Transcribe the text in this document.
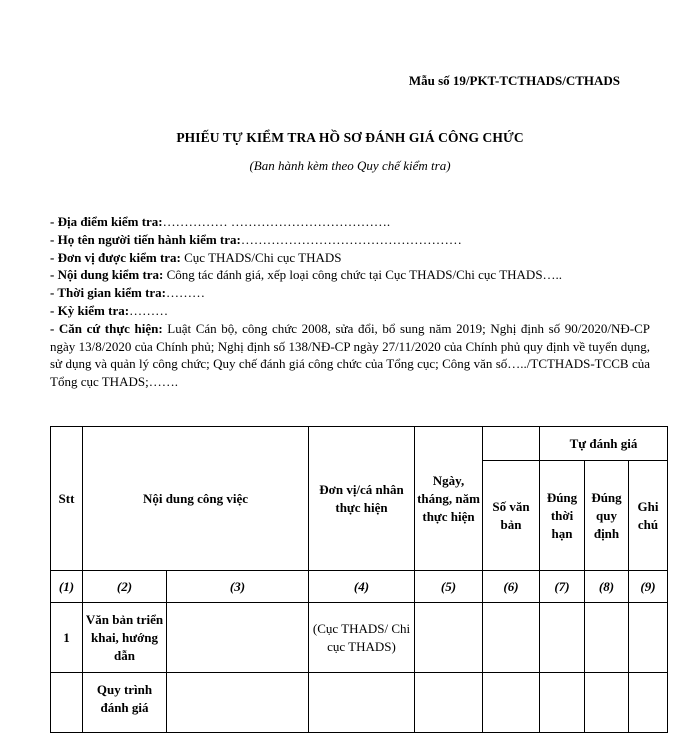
Mẫu số 19/PKT-TCTHADS/CTHADS
PHIẾU TỰ KIỂM TRA HỒ SƠ ĐÁNH GIÁ CÔNG CHỨC
(Ban hành kèm theo Quy chế kiểm tra)

- Địa điểm kiểm tra:…………… ……………………………….

- Họ tên người tiến hành kiểm tra:……………………………………………

- Đơn vị được kiểm tra: Cục THADS/Chi cục THADS

- Nội dung kiểm tra: Công tác đánh giá, xếp loại công chức tại Cục THADS/Chi cục THADS…..

- Thời gian kiểm tra:………

- Kỳ kiểm tra:………

- Căn cứ thực hiện: Luật Cán bộ, công chức 2008, sửa đổi, bổ sung năm 2019; Nghị định số 90/2020/NĐ-CP ngày 13/8/2020 của Chính phủ; Nghị định số 138/NĐ-CP ngày 27/11/2020 của Chính phủ quy định về tuyển dụng, sử dụng và quản lý công chức; Quy chế đánh giá công chức của Tổng cục; Công văn số…../TCTHADS-TCCB của Tổng cục THADS;…….

Stt	Nội dung công việc		Đơn vị/cá nhân thực hiện	Ngày, tháng, năm thực hiện		Tự đánh giá		
					Số văn bản	Đúng thời hạn	Đúng quy định	Ghi chú
(1)	(2)	(3)	(4)	(5)	(6)	(7)	(8)	(9)
1	Văn bản triển khai, hướng dẫn		(Cục THADS/ Chi cục THADS)					
	Quy trình đánh giá							
